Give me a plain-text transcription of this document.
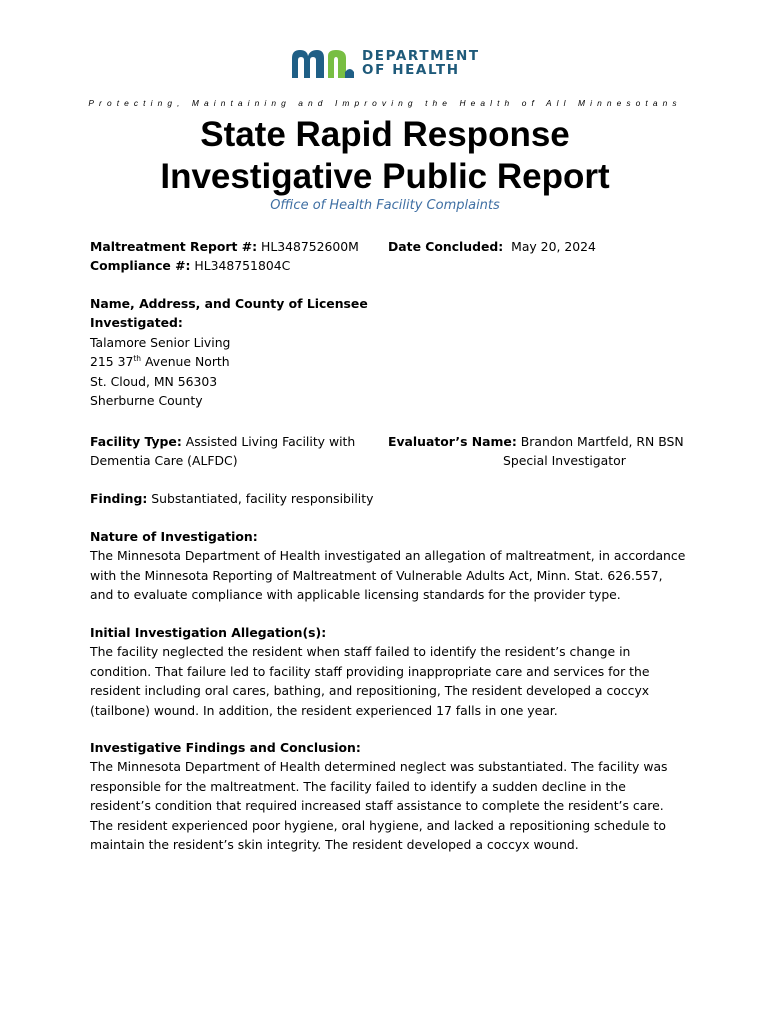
DEPARTMENT
OF HEALTH
Protecting, Maintaining and Improving the Health of All Minnesotans
State Rapid Response
Investigative Public Report
Office of Health Facility Complaints
Maltreatment Report #: HL348752600M
Compliance #: HL348751804C
Date Concluded: May 20, 2024
Name, Address, and County of Licensee
Investigated:
Talamore Senior Living
215 37th Avenue North
St. Cloud, MN 56303
Sherburne County
Facility Type: Assisted Living Facility with
Dementia Care (ALFDC)
Evaluator’s Name: Brandon Martfeld, RN BSN
Special Investigator
Finding: Substantiated, facility responsibility
Nature of Investigation:
The Minnesota Department of Health investigated an allegation of maltreatment, in accordance
with the Minnesota Reporting of Maltreatment of Vulnerable Adults Act, Minn. Stat. 626.557,
and to evaluate compliance with applicable licensing standards for the provider type.
Initial Investigation Allegation(s):
The facility neglected the resident when staff failed to identify the resident’s change in
condition. That failure led to facility staff providing inappropriate care and services for the
resident including oral cares, bathing, and repositioning, The resident developed a coccyx
(tailbone) wound. In addition, the resident experienced 17 falls in one year.
Investigative Findings and Conclusion:
The Minnesota Department of Health determined neglect was substantiated. The facility was
responsible for the maltreatment. The facility failed to identify a sudden decline in the
resident’s condition that required increased staff assistance to complete the resident’s care.
The resident experienced poor hygiene, oral hygiene, and lacked a repositioning schedule to
maintain the resident’s skin integrity. The resident developed a coccyx wound.
